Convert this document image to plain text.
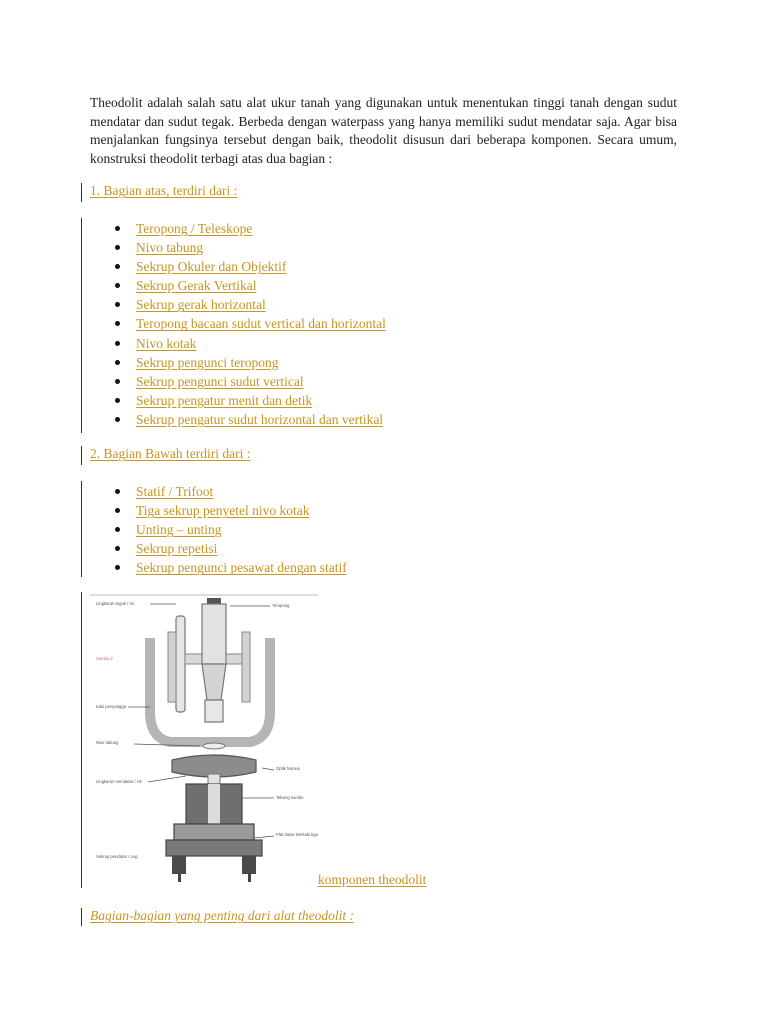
Theodolit adalah salah satu alat ukur tanah yang digunakan untuk menentukan tinggi tanah dengan sudut mendatar dan sudut tegak. Berbeda dengan waterpass yang hanya memiliki sudut mendatar saja. Agar bisa menjalankan fungsinya tersebut dengan baik, theodolit disusun dari beberapa komponen. Secara umum, konstruksi theodolit terbagi atas dua bagian :

1. Bagian atas, terdiri dari :
Teropong / Teleskope
Nivo tabung
Sekrup Okuler dan Objektif
Sekrup Gerak Vertikal
Sekrup gerak horizontal
Teropong bacaan sudut vertical dan horizontal
Nivo kotak
Sekrup pengunci teropong
Sekrup pengunci sudut vertical
Sekrup pengatur menit dan detik
Sekrup pengatur sudut horizontal dan vertikal
2. Bagian Bawah terdiri dari :
Statif / Trifoot
Tiga sekrup penyetel nivo kotak
Unting – unting
Sekrup repetisi
Sekrup pengunci pesawat dengan statif
Lingkaran tegak / Vv	Teropong
Sumbu 2
Kaki penyangga
Nivo tabung
Optik Nonius
Lingkaran mendatar / Hz
Tabung sumbu
Plat dasar Berkaki tiga
Sekrup pendatar / Leg
komponen theodolit
Bagian-bagian yang penting dari alat theodolit :
